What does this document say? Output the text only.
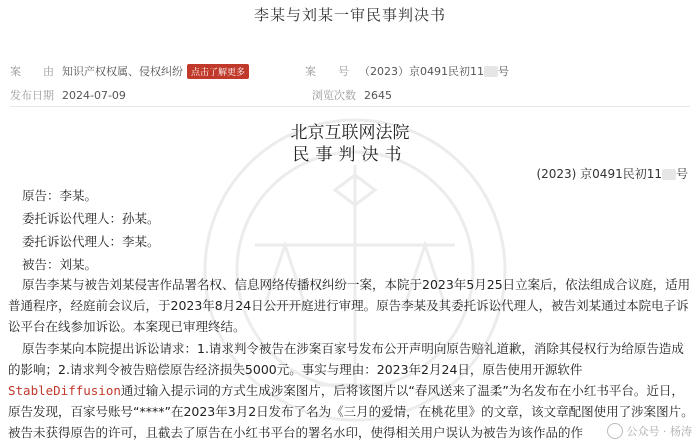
李某与刘某一审民事判决书
案　　由 知识产权权属、侵权纠纷 点击了解更多	案　　号 （2023）京0491民初11 号
发布日期 2024-07-09	浏览次数 2645
北京互联网法院
民事判决书
(2023) 京0491民初11 号
原告：李某。
委托诉讼代理人：孙某。
委托诉讼代理人：李某。
被告：刘某。

原告李某与被告刘某侵害作品署名权、信息网络传播权纠纷一案，本院于2023年5月25日立案后，依法组成合议庭，适用普通程序，经庭前会议后，于2023年8月24日公开开庭进行审理。原告李某及其委托诉讼代理人，被告刘某通过本院电子诉讼平台在线参加诉讼。本案现已审理终结。

原告李某向本院提出诉讼请求：1.请求判令被告在涉案百家号发布公开声明向原告赔礼道歉，消除其侵权行为给原告造成的影响；2.请求判令被告赔偿原告经济损失5000元。事实与理由：2023年2月24日，原告使用开源软件StableDiffusion通过输入提示词的方式生成涉案图片，后将该图片以“春风送来了温柔”为名发布在小红书平台。近日，原告发现，百家号账号“****”在2023年3月2日发布了名为《三月的爱情，在桃花里》的文章，该文章配图使用了涉案图片。被告未获得原告的许可，且截去了原告在小红书平台的署名水印，使得相关用户误认为被告为该作品的作	公众号 · 杨涛
